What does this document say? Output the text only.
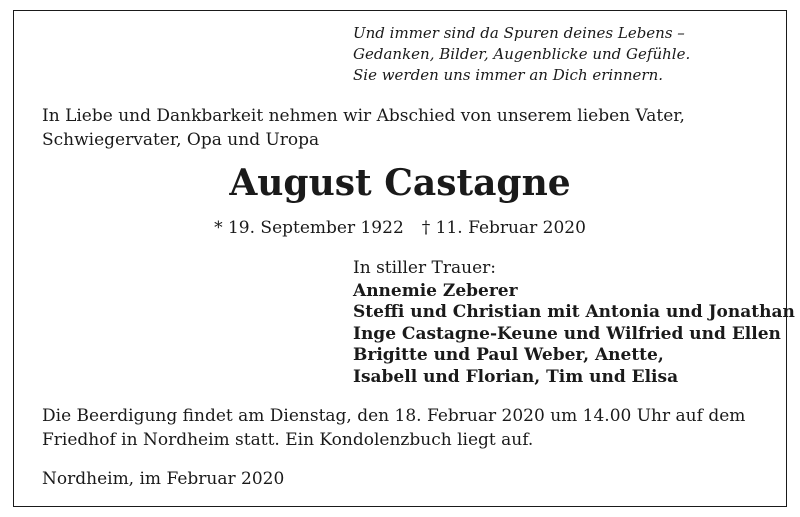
Und immer sind da Spuren deines Lebens –
Gedanken, Bilder, Augenblicke und Gefühle.
Sie werden uns immer an Dich erinnern.
In Liebe und Dankbarkeit nehmen wir Abschied von unserem lieben Vater,
Schwiegervater, Opa und Uropa
August Castagne
* 19. September 1922 † 11. Februar 2020
In stiller Trauer:
Annemie Zeberer
Steffi und Christian mit Antonia und Jonathan
Inge Castagne-Keune und Wilfried und Ellen
Brigitte und Paul Weber, Anette,
Isabell und Florian, Tim und Elisa
Die Beerdigung findet am Dienstag, den 18. Februar 2020 um 14.00 Uhr auf dem
Friedhof in Nordheim statt. Ein Kondolenzbuch liegt auf.
Nordheim, im Februar 2020
